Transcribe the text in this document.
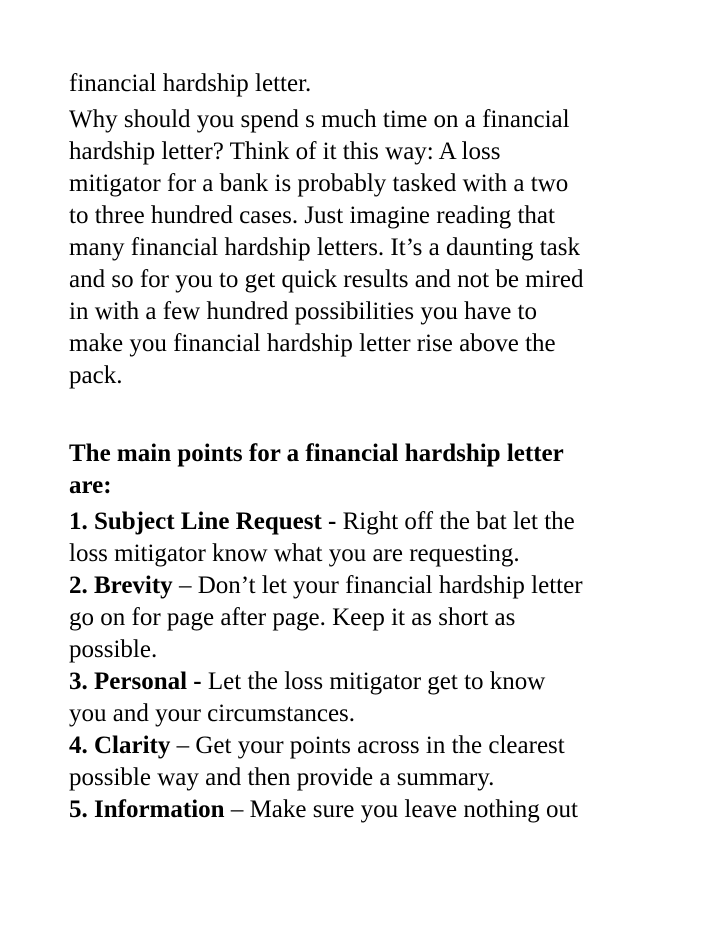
financial hardship letter.
Why should you spend s much time on a financial
hardship letter? Think of it this way: A loss
mitigator for a bank is probably tasked with a two
to three hundred cases. Just imagine reading that
many financial hardship letters. It’s a daunting task
and so for you to get quick results and not be mired
in with a few hundred possibilities you have to
make you financial hardship letter rise above the
pack.
The main points for a financial hardship letter
are:
1. Subject Line Request - Right off the bat let the
loss mitigator know what you are requesting.
2. Brevity – Don’t let your financial hardship letter
go on for page after page. Keep it as short as
possible.
3. Personal - Let the loss mitigator get to know
you and your circumstances.
4. Clarity – Get your points across in the clearest
possible way and then provide a summary.
5. Information – Make sure you leave nothing out
